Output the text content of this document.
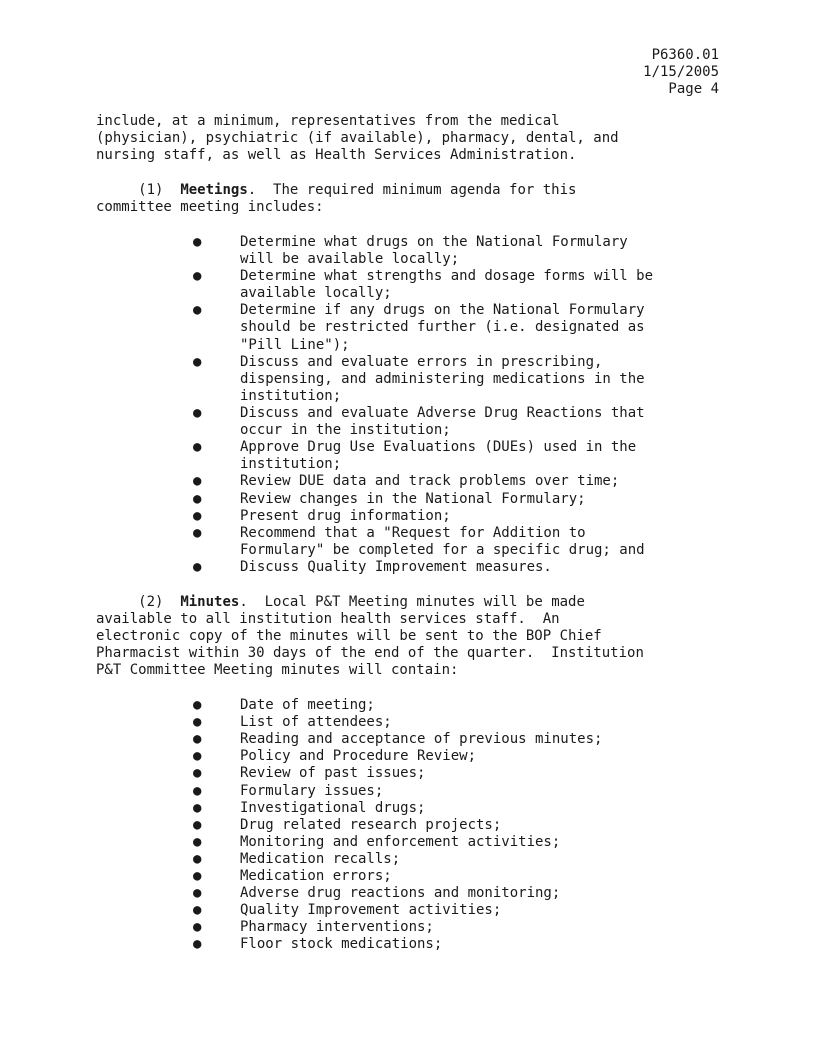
P6360.01
1/15/2005
Page 4
include, at a minimum, representatives from the medical
(physician), psychiatric (if available), pharmacy, dental, and
nursing staff, as well as Health Services Administration.
(1) Meetings.  The required minimum agenda for this
committee meeting includes:
●	Determine what drugs on the National Formulary
will be available locally;
●	Determine what strengths and dosage forms will be
available locally;
●	Determine if any drugs on the National Formulary
should be restricted further (i.e. designated as
"Pill Line");
●	Discuss and evaluate errors in prescribing,
dispensing, and administering medications in the
institution;
●	Discuss and evaluate Adverse Drug Reactions that
occur in the institution;
●	Approve Drug Use Evaluations (DUEs) used in the
institution;
●	Review DUE data and track problems over time;
●	Review changes in the National Formulary;
●	Present drug information;
●	Recommend that a "Request for Addition to
Formulary" be completed for a specific drug; and
●	Discuss Quality Improvement measures.
(2) Minutes.  Local P&T Meeting minutes will be made
available to all institution health services staff.  An
electronic copy of the minutes will be sent to the BOP Chief
Pharmacist within 30 days of the end of the quarter.  Institution
P&T Committee Meeting minutes will contain:
●	Date of meeting;
●	List of attendees;
●	Reading and acceptance of previous minutes;
●	Policy and Procedure Review;
●	Review of past issues;
●	Formulary issues;
●	Investigational drugs;
●	Drug related research projects;
●	Monitoring and enforcement activities;
●	Medication recalls;
●	Medication errors;
●	Adverse drug reactions and monitoring;
●	Quality Improvement activities;
●	Pharmacy interventions;
●	Floor stock medications;
